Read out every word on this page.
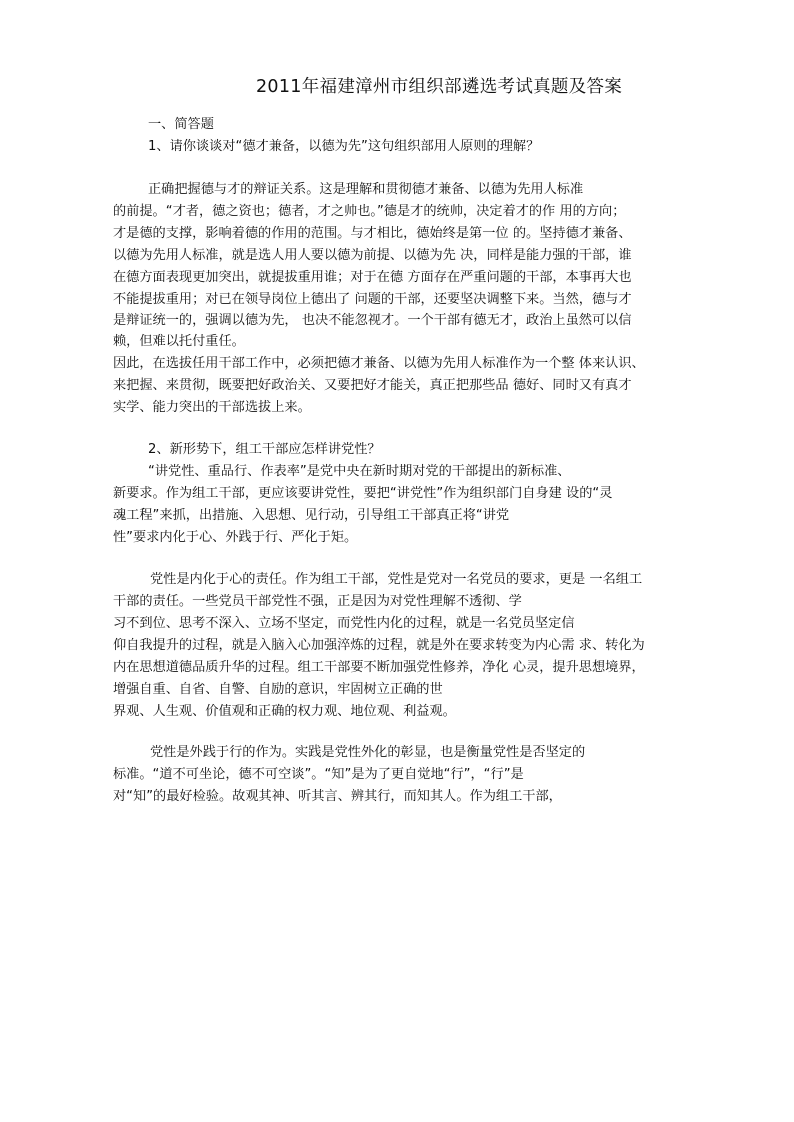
2011年福建漳州市组织部遴选考试真题及答案
一、简答题
1、请你谈谈对“德才兼备，以德为先”这句组织部用人原则的理解？
正确把握德与才的辩证关系。这是理解和贯彻德才兼备、以德为先用人标准
的前提。“才者，德之资也；德者，才之帅也。”德是才的统帅，决定着才的作 用的方向；
才是德的支撑，影响着德的作用的范围。与才相比，德始终是第一位 的。坚持德才兼备、
以德为先用人标准，就是选人用人要以德为前提、以德为先 决，同样是能力强的干部，谁
在德方面表现更加突出，就提拔重用谁；对于在德 方面存在严重问题的干部，本事再大也
不能提拔重用；对已在领导岗位上德出了 问题的干部，还要坚决调整下来。当然，德与才
是辩证统一的，强调以德为先， 也决不能忽视才。一个干部有德无才，政治上虽然可以信
赖，但难以托付重任。
因此，在选拔任用干部工作中，必须把德才兼备、以德为先用人标准作为一个整 体来认识、
来把握、来贯彻，既要把好政治关、又要把好才能关，真正把那些品 德好、同时又有真才
实学、能力突出的干部选拔上来。
2、新形势下，组工干部应怎样讲党性？
“讲党性、重品行、作表率”是党中央在新时期对党的干部提出的新标准、
新要求。作为组工干部，更应该要讲党性，要把“讲党性”作为组织部门自身建 设的“灵
魂工程”来抓，出措施、入思想、见行动，引导组工干部真正将“讲党
性”要求内化于心、外践于行、严化于矩。
党性是内化于心的责任。作为组工干部，党性是党对一名党员的要求，更是 一名组工
干部的责任。一些党员干部党性不强，正是因为对党性理解不透彻、学
习不到位、思考不深入、立场不坚定，而党性内化的过程，就是一名党员坚定信
仰自我提升的过程，就是入脑入心加强淬炼的过程，就是外在要求转变为内心需 求、转化为
内在思想道德品质升华的过程。组工干部要不断加强党性修养，净化 心灵，提升思想境界，
增强自重、自省、自警、自励的意识，牢固树立正确的世
界观、人生观、价值观和正确的权力观、地位观、利益观。
党性是外践于行的作为。实践是党性外化的彰显，也是衡量党性是否坚定的
标准。“道不可坐论，德不可空谈”。“知”是为了更自觉地“行”，“行”是
对“知”的最好检验。故观其神、听其言、辨其行，而知其人。作为组工干部，
